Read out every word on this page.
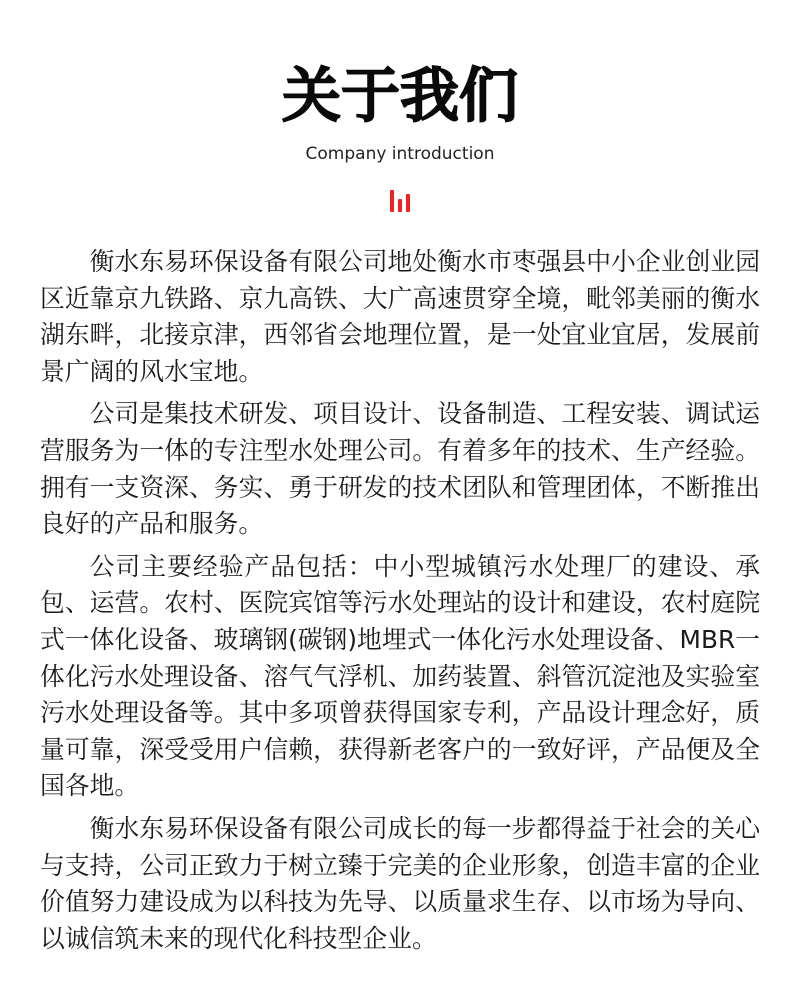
关于我们
Company introduction

衡水东易环保设备有限公司地处衡水市枣强县中小企业创业园区近靠京九铁路、京九高铁、大广高速贯穿全境，毗邻美丽的衡水湖东畔，北接京津，西邻省会地理位置，是一处宜业宜居，发展前景广阔的风水宝地。

公司是集技术研发、项目设计、设备制造、工程安装、调试运营服务为一体的专注型水处理公司。有着多年的技术、生产经验。拥有一支资深、务实、勇于研发的技术团队和管理团体，不断推出良好的产品和服务。

公司主要经验产品包括：中小型城镇污水处理厂的建设、承包、运营。农村、医院宾馆等污水处理站的设计和建设，农村庭院式一体化设备、玻璃钢(碳钢)地埋式一体化污水处理设备、MBR一体化污水处理设备、溶气气浮机、加药装置、斜管沉淀池及实验室污水处理设备等。其中多项曾获得国家专利，产品设计理念好，质量可靠，深受受用户信赖，获得新老客户的一致好评，产品便及全国各地。

衡水东易环保设备有限公司成长的每一步都得益于社会的关心与支持，公司正致力于树立臻于完美的企业形象，创造丰富的企业价值努力建设成为以科技为先导、以质量求生存、以市场为导向、以诚信筑未来的现代化科技型企业。
